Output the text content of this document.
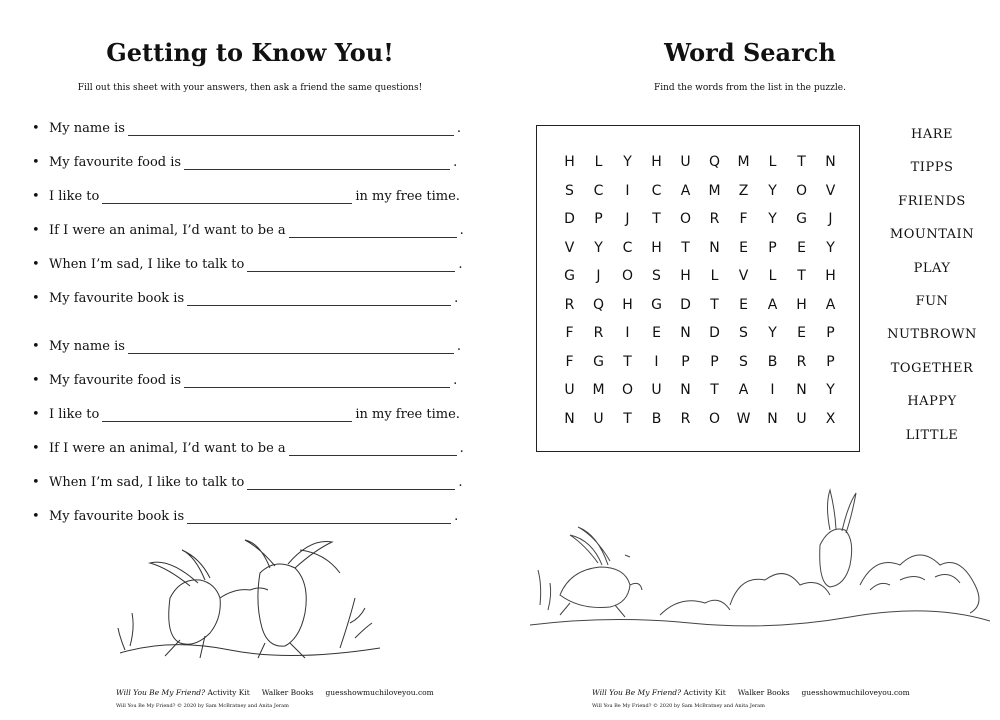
Getting to Know You!
Fill out this sheet with your answers, then ask a friend the same questions!
• My name is	.
• My favourite food is	.
• I like to	in my free time.
• If I were an animal, I’d want to be a	.
• When I’m sad, I like to talk to	.
• My favourite book is	.
• My name is	.
• My favourite food is	.
• I like to	in my free time.
• If I were an animal, I’d want to be a	.
• When I’m sad, I like to talk to	.
• My favourite book is	.
Will You Be My Friend? Activity Kit Walker Books guesshowmuchiloveyou.com
Will You Be My Friend? © 2020 by Sam McBratney and Anita Jeram
Word Search
Find the words from the list in the puzzle.
H	L	Y	H	U	Q	M	L	T	N
S	C	I	C	A	M	Z	Y	O	V
D	P	J	T	O	R	F	Y	G	J
V	Y	C	H	T	N	E	P	E	Y
G	J	O	S	H	L	V	L	T	H
R	Q	H	G	D	T	E	A	H	A
F	R	I	E	N	D	S	Y	E	P
F	G	T	I	P	P	S	B	R	P
U	M	O	U	N	T	A	I	N	Y
N	U	T	B	R	O	W	N	U	X
HARE
TIPPS
FRIENDS
MOUNTAIN
PLAY
FUN
NUTBROWN
TOGETHER
HAPPY
LITTLE
Will You Be My Friend? Activity Kit Walker Books guesshowmuchiloveyou.com
Will You Be My Friend? © 2020 by Sam McBratney and Anita Jeram
